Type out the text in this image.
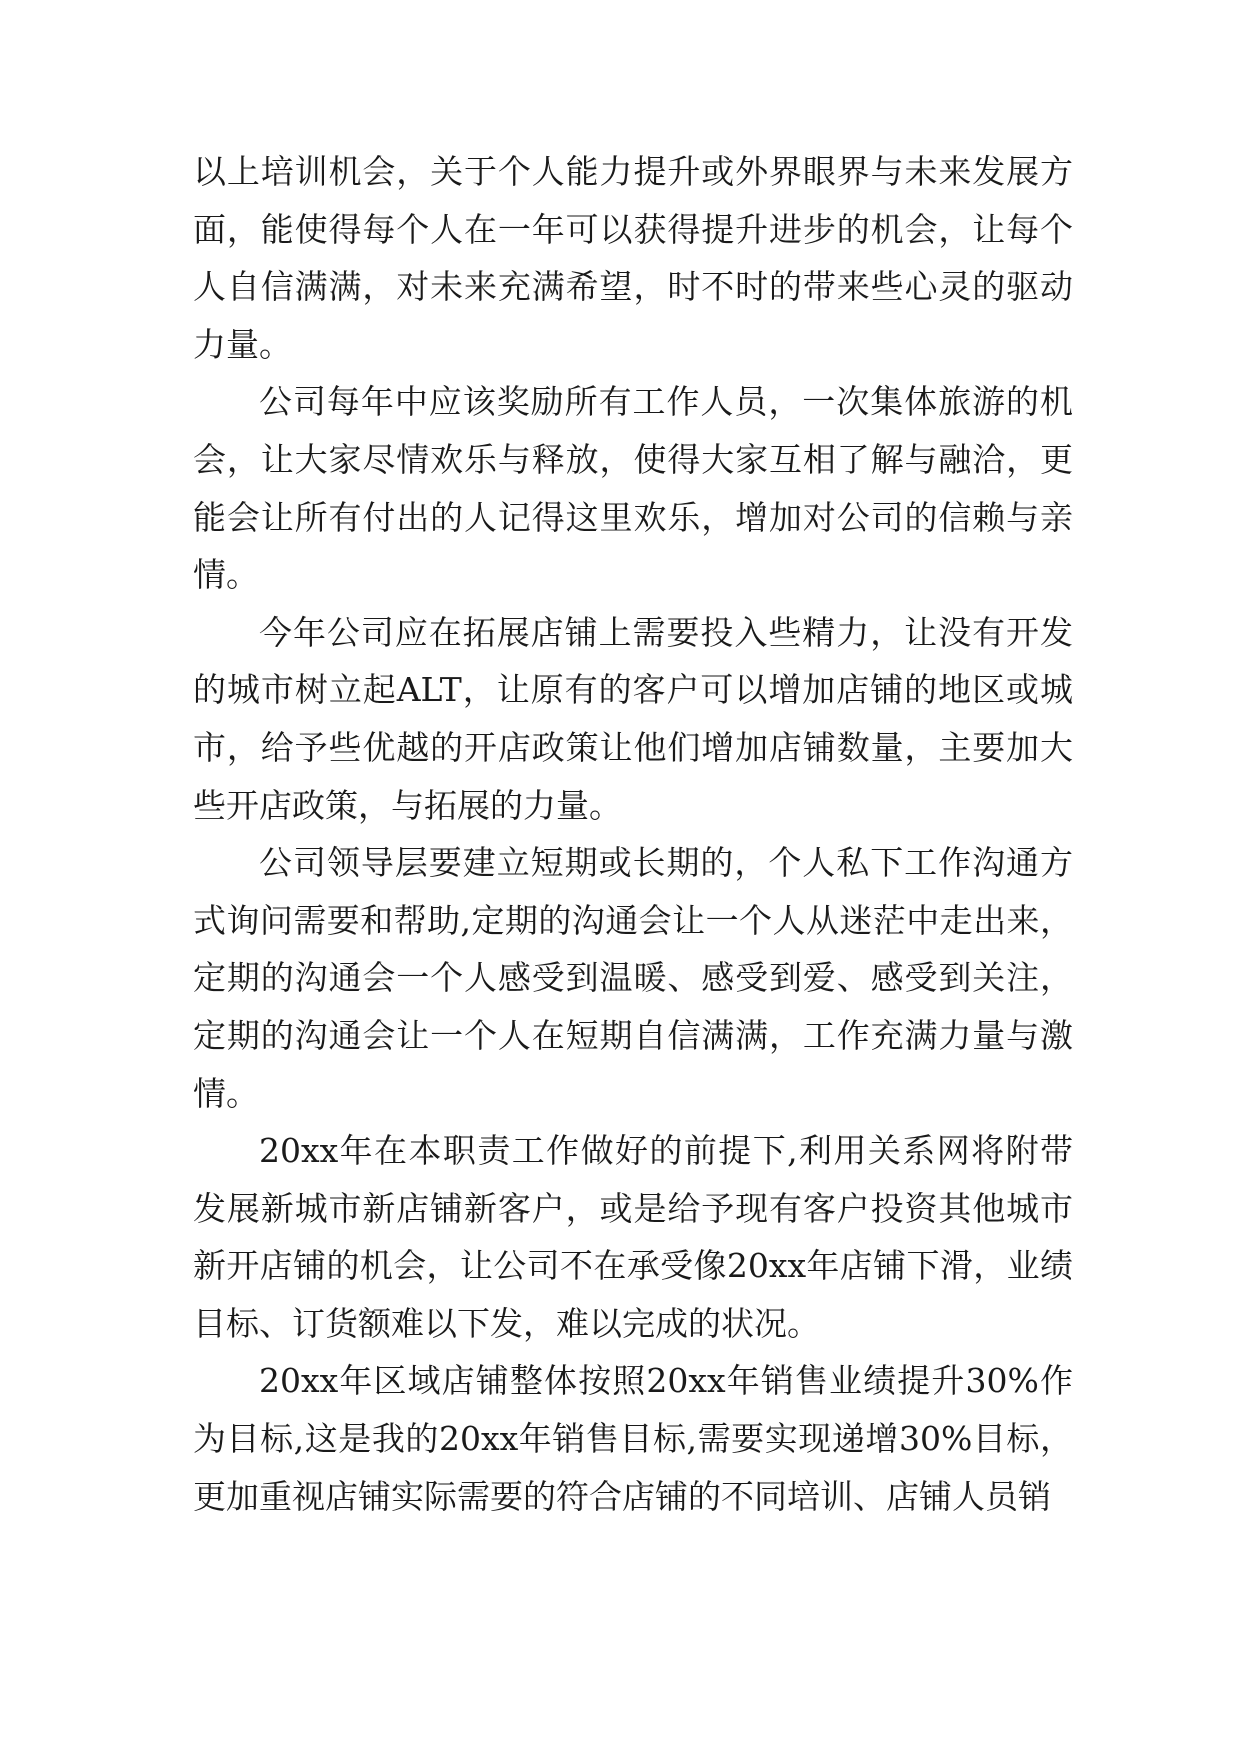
以上培训机会，关于个人能力提升或外界眼界与未来发展方面，能使得每个人在一年可以获得提升进步的机会，让每个人自信满满，对未来充满希望，时不时的带来些心灵的驱动力量。

公司每年中应该奖励所有工作人员，一次集体旅游的机会，让大家尽情欢乐与释放，使得大家互相了解与融洽，更能会让所有付出的人记得这里欢乐，增加对公司的信赖与亲情。

今年公司应在拓展店铺上需要投入些精力，让没有开发的城市树立起ALT，让原有的客户可以增加店铺的地区或城市，给予些优越的开店政策让他们增加店铺数量，主要加大些开店政策，与拓展的力量。

公司领导层要建立短期或长期的，个人私下工作沟通方式询问需要和帮助,定期的沟通会让一个人从迷茫中走出来，定期的沟通会一个人感受到温暖、感受到爱、感受到关注，定期的沟通会让一个人在短期自信满满，工作充满力量与激情。

20xx年在本职责工作做好的前提下,利用关系网将附带发展新城市新店铺新客户，或是给予现有客户投资其他城市新开店铺的机会，让公司不在承受像20xx年店铺下滑，业绩目标、订货额难以下发，难以完成的状况。

20xx年区域店铺整体按照20xx年销售业绩提升30%作为目标,这是我的20xx年销售目标,需要实现递增30%目标，更加重视店铺实际需要的符合店铺的不同培训、店铺人员销
